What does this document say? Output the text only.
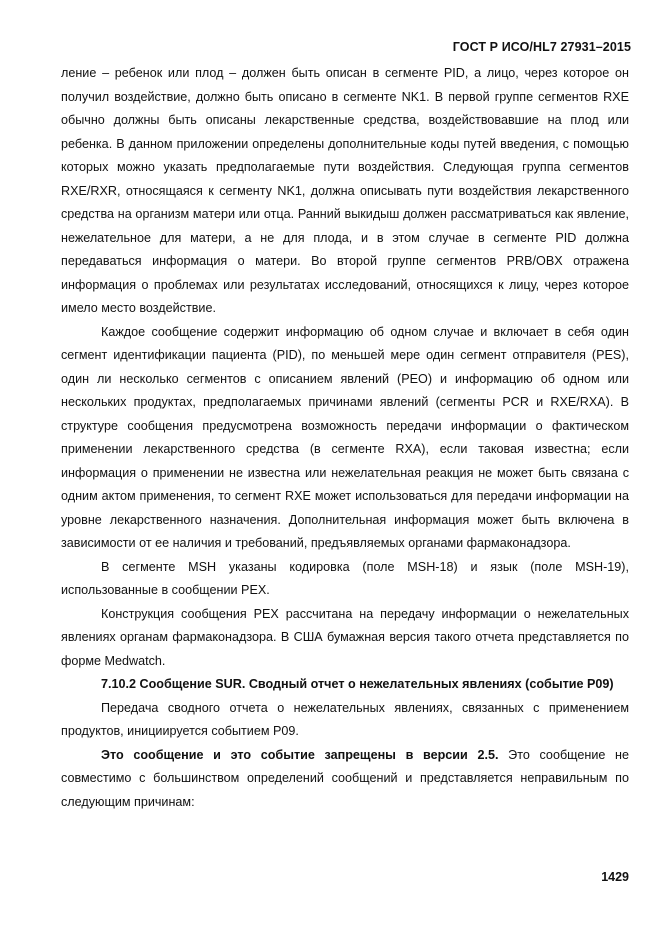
ГОСТ Р ИСО/HL7 27931–2015

ление – ребенок или плод – должен быть описан в сегменте PID, а лицо, через которое он получил воздействие, должно быть описано в сегменте NK1. В первой группе сегментов RXE обычно должны быть описаны лекарственные средства, воздействовавшие на плод или ребенка. В данном приложении определены дополнительные коды путей введения, с помощью которых можно указать предполагаемые пути воздействия. Следующая группа сегментов RXE/RXR, относящаяся к сегменту NK1, должна описывать пути воздействия лекарственного средства на организм матери или отца. Ранний выкидыш должен рассматриваться как явление, нежелательное для матери, а не для плода, и в этом случае в сегменте PID должна передаваться информация о матери. Во второй группе сегментов PRB/OBX отражена информация о проблемах или результатах исследований, относящихся к лицу, через которое имело место воздействие.

Каждое сообщение содержит информацию об одном случае и включает в себя один сегмент идентификации пациента (PID), по меньшей мере один сегмент отправителя (PES), один ли несколько сегментов с описанием явлений (PEO) и информацию об одном или нескольких продуктах, предполагаемых причинами явлений (сегменты PCR и RXE/RXA). В структуре сообщения предусмотрена возможность передачи информации о фактическом применении лекарственного средства (в сегменте RXA), если таковая известна; если информация о применении не известна или нежелательная реакция не может быть связана с одним актом применения, то сегмент RXE может использоваться для передачи информации на уровне лекарственного назначения. Дополнительная информация может быть включена в зависимости от ее наличия и требований, предъявляемых органами фармаконадзора.

В сегменте MSH указаны кодировка (поле MSH-18) и язык (поле MSH-19), использованные в сообщении PEX.

Конструкция сообщения PEX рассчитана на передачу информации о нежелательных явлениях органам фармаконадзора. В США бумажная версия такого отчета представляется по форме Medwatch.

7.10.2 Сообщение SUR. Сводный отчет о нежелательных явлениях (событие P09)

Передача сводного отчета о нежелательных явлениях, связанных с применением продуктов, инициируется событием P09.

Это сообщение и это событие запрещены в версии 2.5. Это сообщение не совместимо с большинством определений сообщений и представляется неправильным по следующим причинам:

1429
